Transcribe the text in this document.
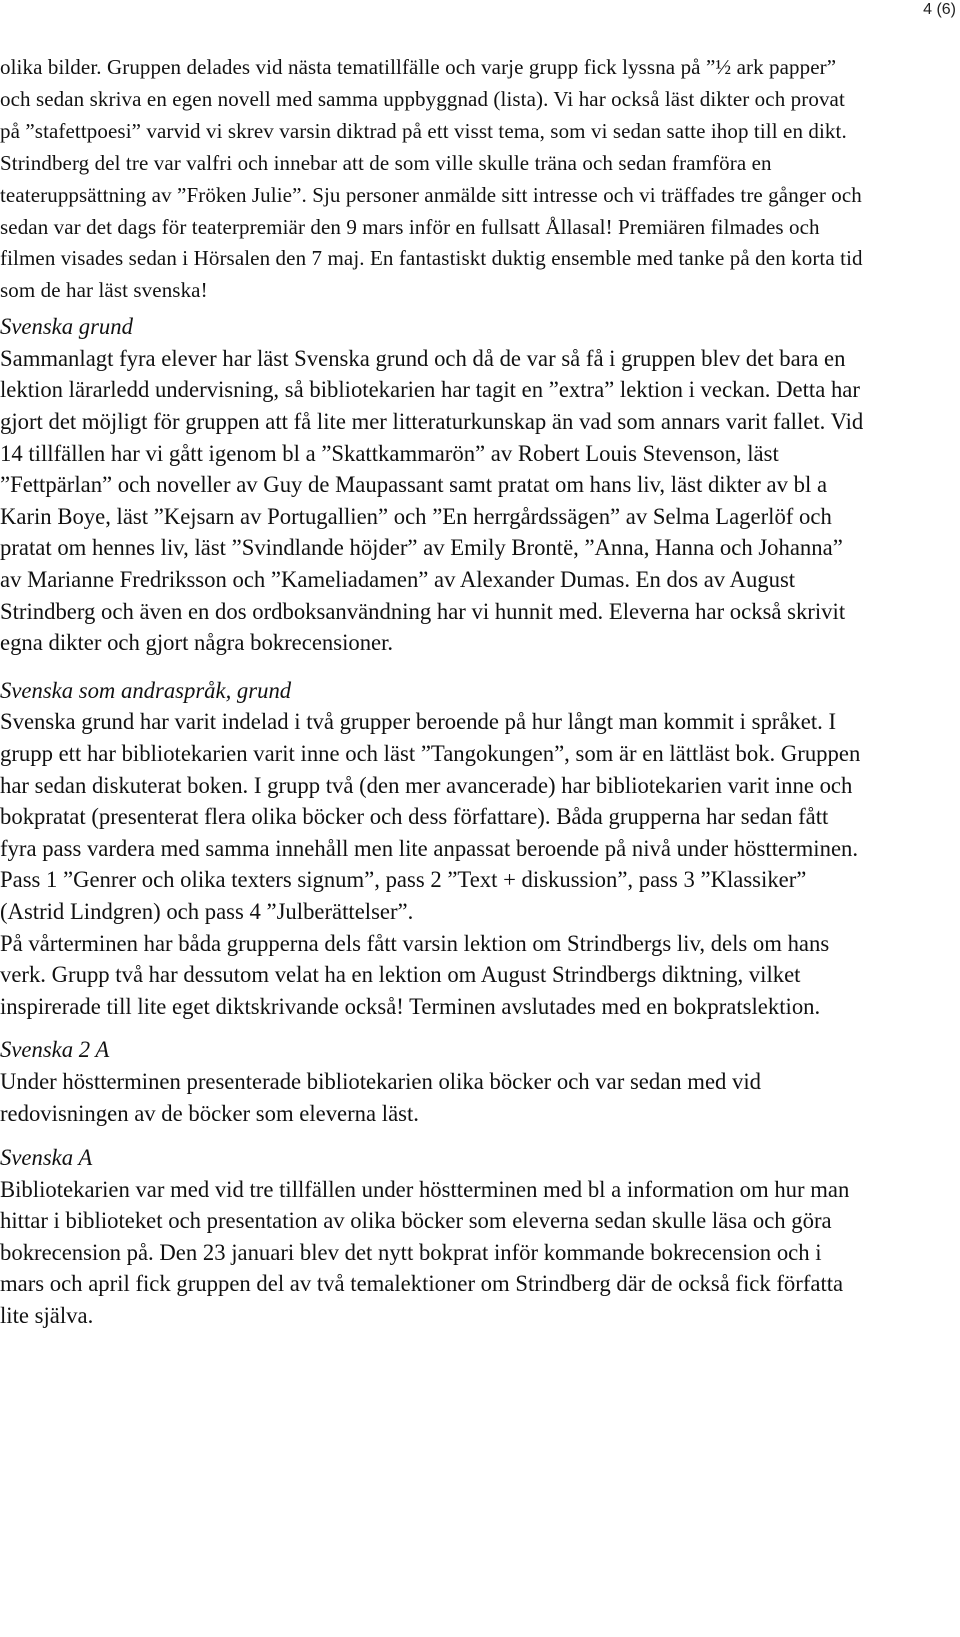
4 (6)

olika bilder. Gruppen delades vid nästa tematillfälle och varje grupp fick lyssna på ”½ ark papper” och sedan skriva en egen novell med samma uppbyggnad (lista). Vi har också läst dikter och provat på ”stafettpoesi” varvid vi skrev varsin diktrad på ett visst tema, som vi sedan satte ihop till en dikt. Strindberg del tre var valfri och innebar att de som ville skulle träna och sedan framföra en teateruppsättning av ”Fröken Julie”. Sju personer anmälde sitt intresse och vi träffades tre gånger och sedan var det dags för teaterpremiär den 9 mars inför en fullsatt Ållasal! Premiären filmades och filmen visades sedan i Hörsalen den 7 maj. En fantastiskt duktig ensemble med tanke på den korta tid som de har läst svenska!

Svenska grund

Sammanlagt fyra elever har läst Svenska grund och då de var så få i gruppen blev det bara en lektion lärarledd undervisning, så bibliotekarien har tagit en ”extra” lektion i veckan. Detta har gjort det möjligt för gruppen att få lite mer litteraturkunskap än vad som annars varit fallet. Vid 14 tillfällen har vi gått igenom bl a ”Skattkammarön” av Robert Louis Stevenson, läst ”Fettpärlan” och noveller av Guy de Maupassant samt pratat om hans liv, läst dikter av bl a Karin Boye, läst ”Kejsarn av Portugallien” och ”En herrgårdssägen” av Selma Lagerlöf och pratat om hennes liv, läst ”Svindlande höjder” av Emily Brontë, ”Anna, Hanna och Johanna” av Marianne Fredriksson och ”Kameliadamen” av Alexander Dumas. En dos av August Strindberg och även en dos ordboksanvändning har vi hunnit med. Eleverna har också skrivit egna dikter och gjort några bokrecensioner.

Svenska som andraspråk, grund

Svenska grund har varit indelad i två grupper beroende på hur långt man kommit i språket. I grupp ett har bibliotekarien varit inne och läst ”Tangokungen”, som är en lättläst bok. Gruppen har sedan diskuterat boken. I grupp två (den mer avancerade) har bibliotekarien varit inne och bokpratat (presenterat flera olika böcker och dess författare). Båda grupperna har sedan fått fyra pass vardera med samma innehåll men lite anpassat beroende på nivå under höstterminen. Pass 1 ”Genrer och olika texters signum”, pass 2 ”Text + diskussion”, pass 3 ”Klassiker” (Astrid Lindgren) och pass 4 ”Julberättelser”.

På vårterminen har båda grupperna dels fått varsin lektion om Strindbergs liv, dels om hans verk. Grupp två har dessutom velat ha en lektion om August Strindbergs diktning, vilket inspirerade till lite eget diktskrivande också! Terminen avslutades med en bokpratslektion.

Svenska 2 A

Under höstterminen presenterade bibliotekarien olika böcker och var sedan med vid redovisningen av de böcker som eleverna läst.

Svenska A

Bibliotekarien var med vid tre tillfällen under höstterminen med bl a information om hur man hittar i biblioteket och presentation av olika böcker som eleverna sedan skulle läsa och göra bokrecension på. Den 23 januari blev det nytt bokprat inför kommande bokrecension och i mars och april fick gruppen del av två temalektioner om Strindberg där de också fick författa lite själva.
